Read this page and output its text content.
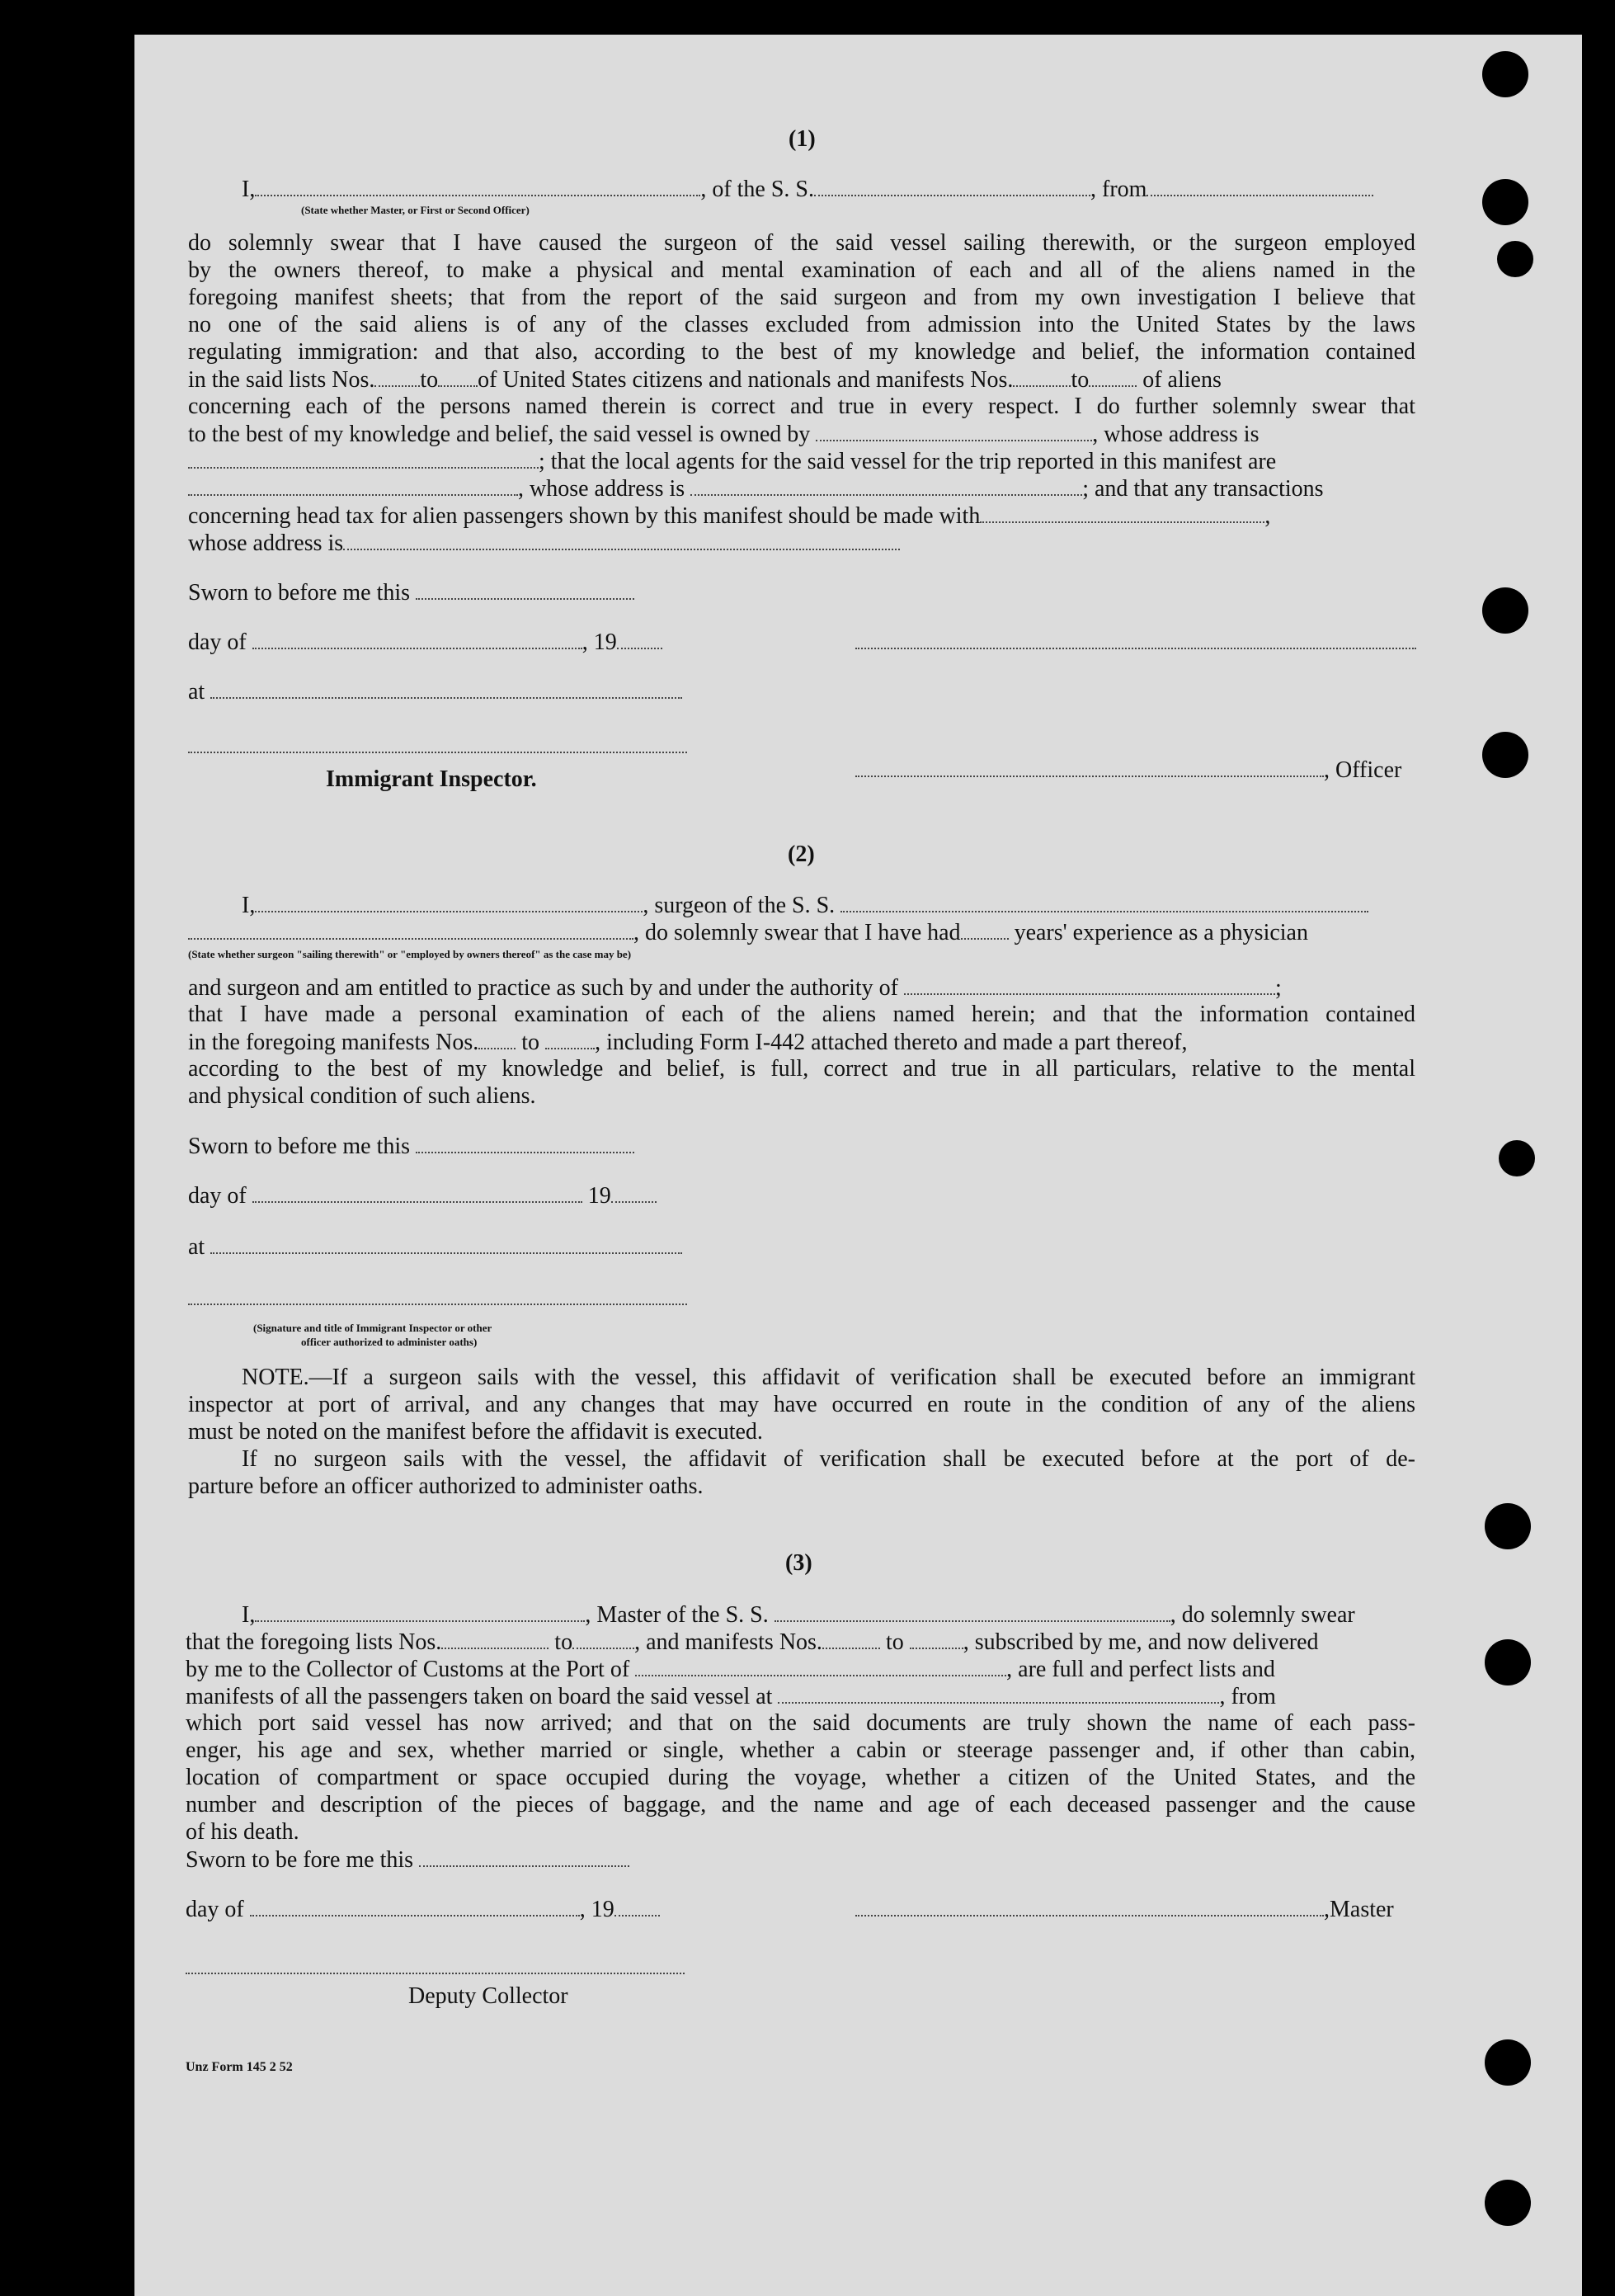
(1)
I,	, of the S. S.	, from
(State whether Master, or First or Second Officer)
do solemnly swear that I have caused the surgeon of the said vessel sailing therewith, or the surgeon employed
by the owners thereof, to make a physical and mental examination of each and all of the aliens named in the
foregoing manifest sheets; that from the report of the said surgeon and from my own investigation I believe that
no one of the said aliens is of any of the classes excluded from admission into the United States by the laws
regulating immigration: and that also, according to the best of my knowledge and belief, the information contained
in the said lists Nos. to of United States citizens and nationals and manifests Nos.	to of aliens
concerning each of the persons named therein is correct and true in every respect. I do further solemnly swear that
to the best of my knowledge and belief, the said vessel is owned by	, whose address is
; that the local agents for the said vessel for the trip reported in this manifest are
, whose address is	; and that any transactions
concerning head tax for alien passengers shown by this manifest should be made with	,
whose address is
Sworn to before me this
day of	, 19
at
Immigrant Inspector.	, Officer
(2)
I,	, surgeon of the S. S.
, do solemnly swear that I have had years' experience as a physician
(State whether surgeon "sailing therewith" or "employed by owners thereof" as the case may be)
and surgeon and am entitled to practice as such by and under the authority of	;
that I have made a personal examination of each of the aliens named herein; and that the information contained
in the foregoing manifests Nos. to , including Form I-442 attached thereto and made a part thereof,
according to the best of my knowledge and belief, is full, correct and true in all particulars, relative to the mental
and physical condition of such aliens.
Sworn to before me this
day of	19
at
(Signature and title of Immigrant Inspector or other
officer authorized to administer oaths)
NOTE.—If a surgeon sails with the vessel, this affidavit of verification shall be executed before an immigrant
inspector at port of arrival, and any changes that may have occurred en route in the condition of any of the aliens
must be noted on the manifest before the affidavit is executed.
If no surgeon sails with the vessel, the affidavit of verification shall be executed before at the port of de-
parture before an officer authorized to administer oaths.
(3)
I,	, Master of the S. S.	, do solemnly swear
that the foregoing lists Nos.	to	, and manifests Nos.	to	, subscribed by me, and now delivered
by me to the Collector of Customs at the Port of	, are full and perfect lists and
manifests of all the passengers taken on board the said vessel at	, from
which port said vessel has now arrived; and that on the said documents are truly shown the name of each pass-
enger, his age and sex, whether married or single, whether a cabin or steerage passenger and, if other than cabin,
location of compartment or space occupied during the voyage, whether a citizen of the United States, and the
number and description of the pieces of baggage, and the name and age of each deceased passenger and the cause
of his death.
Sworn to be fore me this
day of	, 19	,Master
Deputy Collector
Unz Form 145 2 52
